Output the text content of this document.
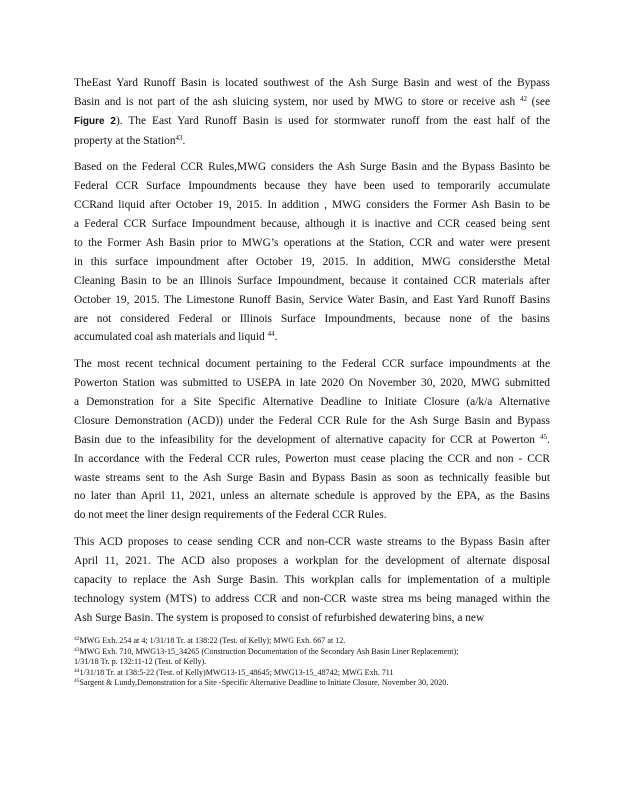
TheEast Yard Runoff Basin is located southwest of the Ash Surge Basin and west of the Bypass
Basin and is not part of the ash sluicing system, nor used by MWG to store or receive ash $^{42}$ (see
Figure 2). The East Yard Runoff Basin is used for stormwater runoff from the east half of the
property at the Station$^{43}$.

Based on the Federal CCR Rules,MWG considers the Ash Surge Basin and the Bypass Basinto be
Federal CCR Surface Impoundments because they have been used to temporarily accumulate
CCRand liquid after October 19, 2015. In addition , MWG considers the Former Ash Basin to be
a Federal CCR Surface Impoundment because, although it is inactive and CCR ceased being sent
to the Former Ash Basin prior to MWG’s operations at the Station, CCR and water were present
in this surface impoundment after October 19, 2015. In addition, MWG considersthe Metal
Cleaning Basin to be an Illinois Surface Impoundment, because it contained CCR materials after
October 19, 2015. The Limestone Runoff Basin, Service Water Basin, and East Yard Runoff Basins
are not considered Federal or Illinois Surface Impoundments, because none of the basins
accumulated coal ash materials and liquid $^{44}$.

The most recent technical document pertaining to the Federal CCR surface impoundments at the
Powerton Station was submitted to USEPA in late 2020 On November 30, 2020, MWG submitted
a Demonstration for a Site Specific Alternative Deadline to Initiate Closure (a/k/a Alternative
Closure Demonstration (ACD)) under the Federal CCR Rule for the Ash Surge Basin and Bypass
Basin due to the infeasibility for the development of alternative capacity for CCR at Powerton $^{45}$.
In accordance with the Federal CCR rules, Powerton must cease placing the CCR and non - CCR
waste streams sent to the Ash Surge Basin and Bypass Basin as soon as technically feasible but
no later than April 11, 2021, unless an alternate schedule is approved by the EPA, as the Basins
do not meet the liner design requirements of the Federal CCR Rules.

This ACD proposes to cease sending CCR and non-CCR waste streams to the Bypass Basin after
April 11, 2021. The ACD also proposes a workplan for the development of alternate disposal
capacity to replace the Ash Surge Basin. This workplan calls for implementation of a multiple
technology system (MTS) to address CCR and non-CCR waste strea ms being managed within the
Ash Surge Basin. The system is proposed to consist of refurbished dewatering bins, a new

$^{42}$MWG Exh. 254 at 4; 1/31/18 Tr. at 138:22 (Test. of Kelly); MWG Exh. 667 at 12.
$^{43}$MWG Exh. 710, MWG13-15_34265 (Construction Documentation of the Secondary Ash Basin Liner Replacement);
1/31/18 Tr. p. 132:11-12 (Test. of Kelly).
$^{44}$1/31/18 Tr. at 138:5-22 (Test. of Kelly)MWG13-15_48645; MWG13-15_48742; MWG Exh. 711
$^{45}$Sargent & Lundy,Demonstration for a Site -Specific Alternative Deadline to Initiate Closure, November 30, 2020.
